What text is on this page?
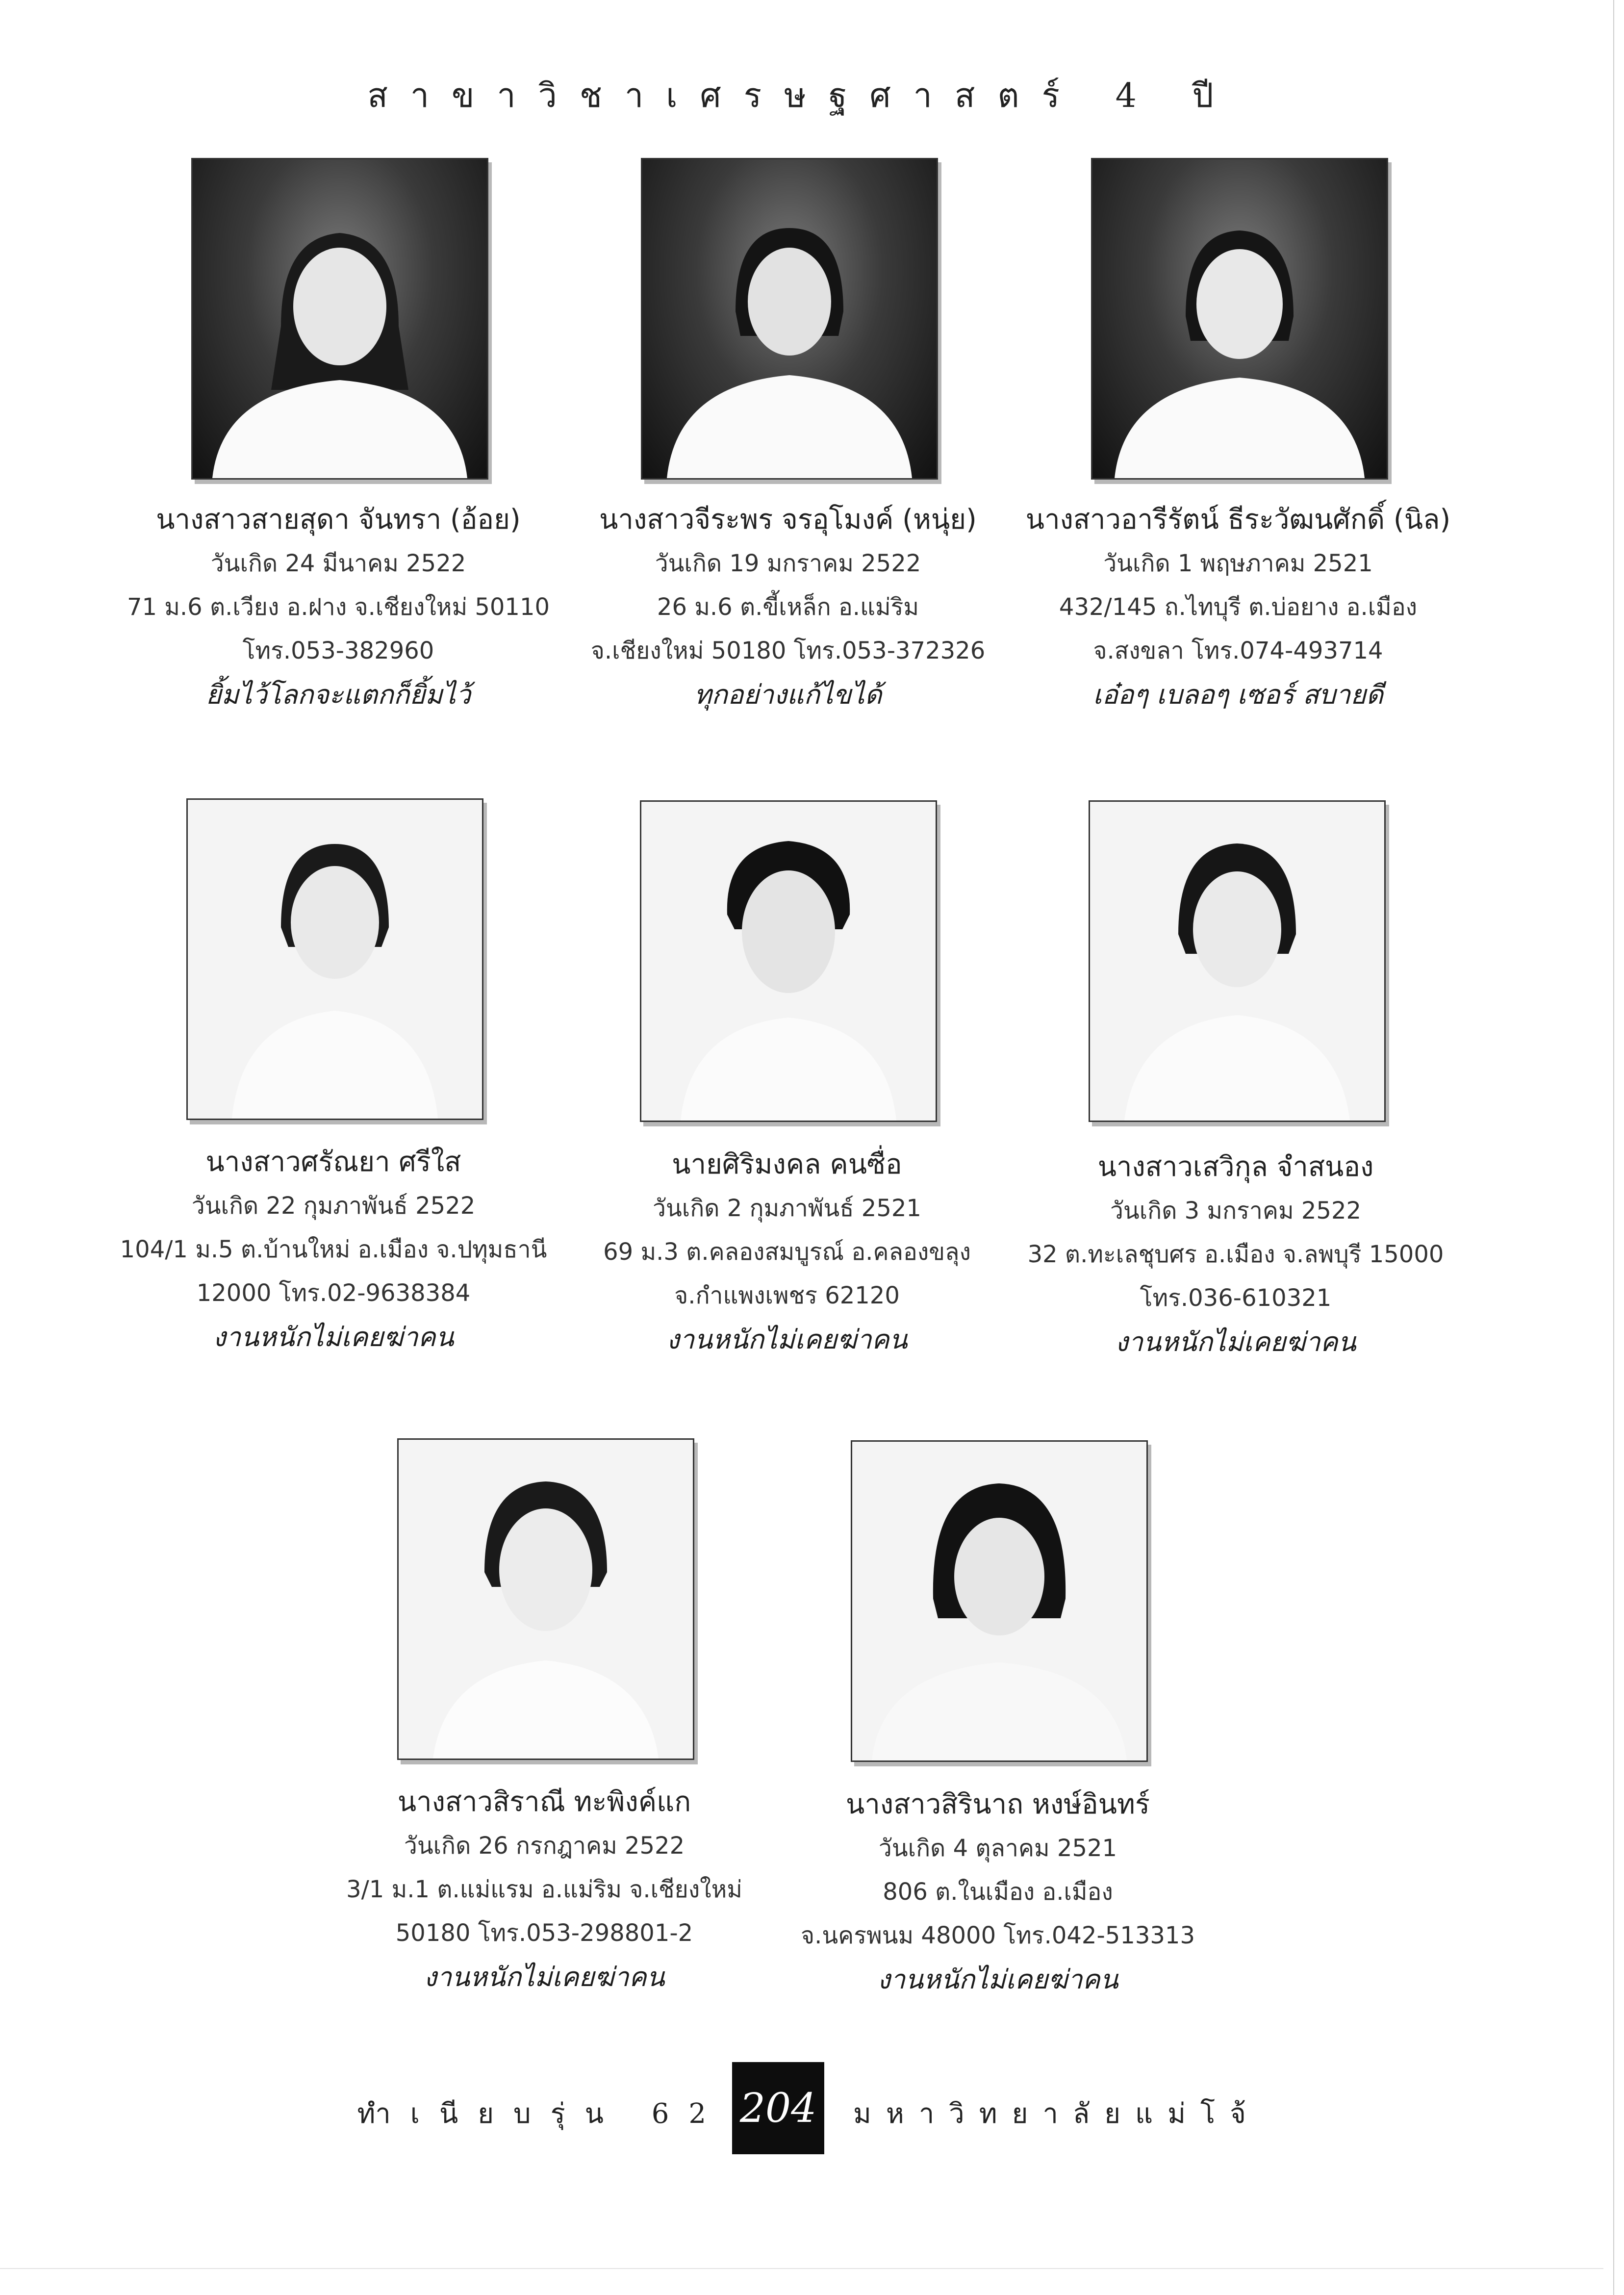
สาขาวิชาเศรษฐศาสตร์ 4 ปี
นางสาวสายสุดา จันทรา (อ้อย)
วันเกิด 24 มีนาคม 2522
71 ม.6 ต.เวียง อ.ฝาง จ.เชียงใหม่ 50110
โทร.053-382960
ยิ้มไว้โลกจะแตกก็ยิ้มไว้
นางสาวจีระพร จรอุโมงค์ (หนุ่ย)
วันเกิด 19 มกราคม 2522
26 ม.6 ต.ขี้เหล็ก อ.แม่ริม
จ.เชียงใหม่ 50180 โทร.053-372326
ทุกอย่างแก้ไขได้
นางสาวอารีรัตน์ ธีระวัฒนศักดิ์ (นิล)
วันเกิด 1 พฤษภาคม 2521
432/145 ถ.ไทบุรี ต.บ่อยาง อ.เมือง
จ.สงขลา โทร.074-493714
เอ๋อๆ เบลอๆ เซอร์ สบายดี
นางสาวศรัณยา ศรีใส
วันเกิด 22 กุมภาพันธ์ 2522
104/1 ม.5 ต.บ้านใหม่ อ.เมือง จ.ปทุมธานี
12000 โทร.02-9638384
งานหนักไม่เคยฆ่าคน
นายศิริมงคล คนซื่อ
วันเกิด 2 กุมภาพันธ์ 2521
69 ม.3 ต.คลองสมบูรณ์ อ.คลองขลุง
จ.กำแพงเพชร 62120
งานหนักไม่เคยฆ่าคน
นางสาวเสวิกุล จำสนอง
วันเกิด 3 มกราคม 2522
32 ต.ทะเลชุบศร อ.เมือง จ.ลพบุรี 15000
โทร.036-610321
งานหนักไม่เคยฆ่าคน
นางสาวสิราณี ทะพิงค์แก
วันเกิด 26 กรกฎาคม 2522
3/1 ม.1 ต.แม่แรม อ.แม่ริม จ.เชียงใหม่
50180 โทร.053-298801-2
งานหนักไม่เคยฆ่าคน
นางสาวสิรินาถ หงษ์อินทร์
วันเกิด 4 ตุลาคม 2521
806 ต.ในเมือง อ.เมือง
จ.นครพนม 48000 โทร.042-513313
งานหนักไม่เคยฆ่าคน
ทำเนียบรุ่น 62 204 มหาวิทยาลัยแม่โจ้
